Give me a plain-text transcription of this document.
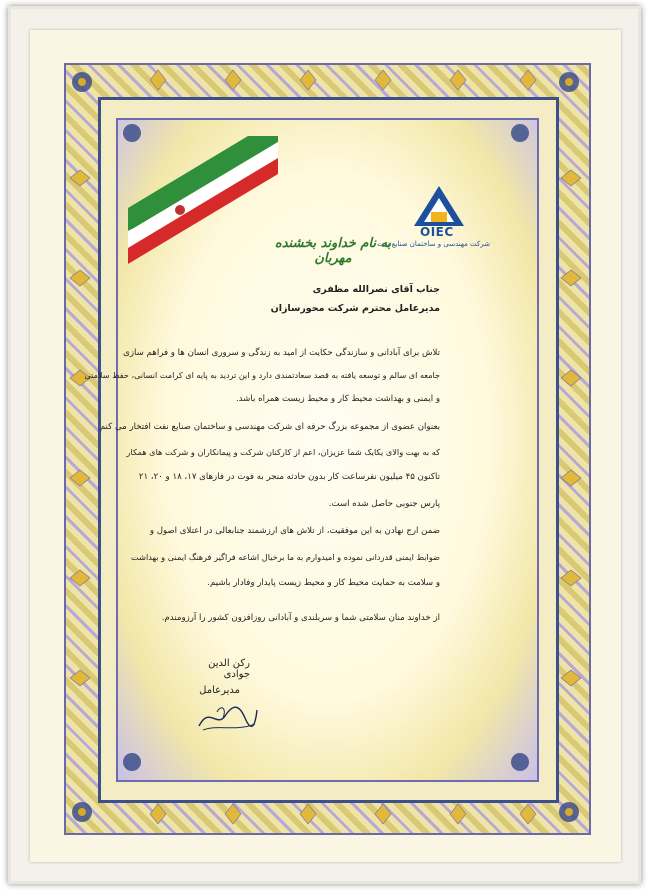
OIEC
شرکت مهندسی و ساختمان صنایع نفت
به نام خداوند بخشنده مهربان
جناب آقای نصرالله مظفری
مدیرعامل محترم شرکت محورسازان
تلاش برای آبادانی و سازندگی حکایت از امید به زندگی و سروری انسان ها و فراهم سازی
جامعه ای سالم و توسعه یافته به قصد سعادتمندی دارد و این تردید به پایه ای کرامت انسانی، حفظ سلامتی
و ایمنی و بهداشت محیط کار و محیط زیست همراه باشد.
بعنوان عضوی از مجموعه بزرگ حرفه ای شرکت مهندسی و ساختمان صنایع نفت افتخار می کنم
که به بهت والای یکایک شما عزیزان، اعم از کارکنان شرکت و پیمانکاران و شرکت های همکار
تاکنون ۴۵ میلیون نفرساعت کار بدون حادثه منجر به فوت در فازهای ۱۷، ۱۸ و ۲۰، ۲۱
پارس جنوبی حاصل شده است.
ضمن ارج نهادن به این موفقیت، از تلاش های ارزشمند جنابعالی در اعتلای اصول و
ضوابط ایمنی قدردانی نموده و امیدوارم به ما برخیال اشاعه فراگیر فرهنگ ایمنی و بهداشت
و سلامت به حمایت محیط کار و محیط زیست پایدار وفادار باشیم.
از خداوند منان سلامتی شما و سربلندی و آبادانی روزافزون کشور را آرزومندم.
رکن الدین جوادی
مدیرعامل
